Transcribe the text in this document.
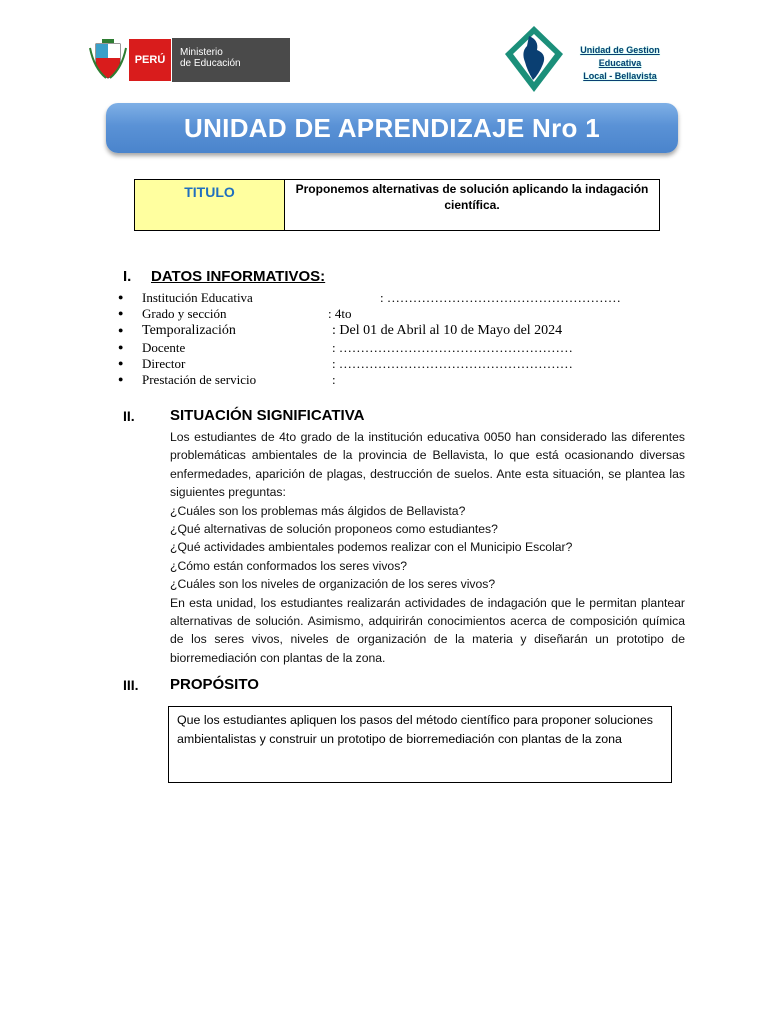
PERÚ
Ministerio
de Educación
Unidad de Gestion Educativa
Local - Bellavista
UNIDAD DE APRENDIZAJE Nro 1
TITULO	Proponemos alternativas de solución aplicando la indagación científica.
I. DATOS INFORMATIVOS:
● Institución Educativa	: ………………………………………………
● Grado y sección	: 4to
● Temporalización	: Del 01 de Abril al 10 de Mayo del 2024
● Docente	: ………………………………………………
● Director	: ………………………………………………
● Prestación de servicio	:
II. SITUACIÓN SIGNIFICATIVA
Los estudiantes de 4to grado de la institución educativa 0050 han considerado las diferentes problemáticas ambientales de la provincia de Bellavista, lo que está ocasionando diversas enfermedades, aparición de plagas, destrucción de suelos. Ante esta situación, se plantea las siguientes preguntas:
¿Cuáles son los problemas más álgidos de Bellavista?
¿Qué alternativas de solución proponeos como estudiantes?
¿Qué actividades ambientales podemos realizar con el Municipio Escolar?
¿Cómo están conformados los seres vivos?
¿Cuáles son los niveles de organización de los seres vivos?
En esta unidad, los estudiantes realizarán actividades de indagación que le permitan plantear alternativas de solución. Asimismo, adquirirán conocimientos acerca de composición química de los seres vivos, niveles de organización de la materia y diseñarán un prototipo de biorremediación con plantas de la zona.
III. PROPÓSITO
Que los estudiantes apliquen los pasos del método científico para proponer soluciones ambientalistas y construir un prototipo de biorremediación con plantas de la zona
